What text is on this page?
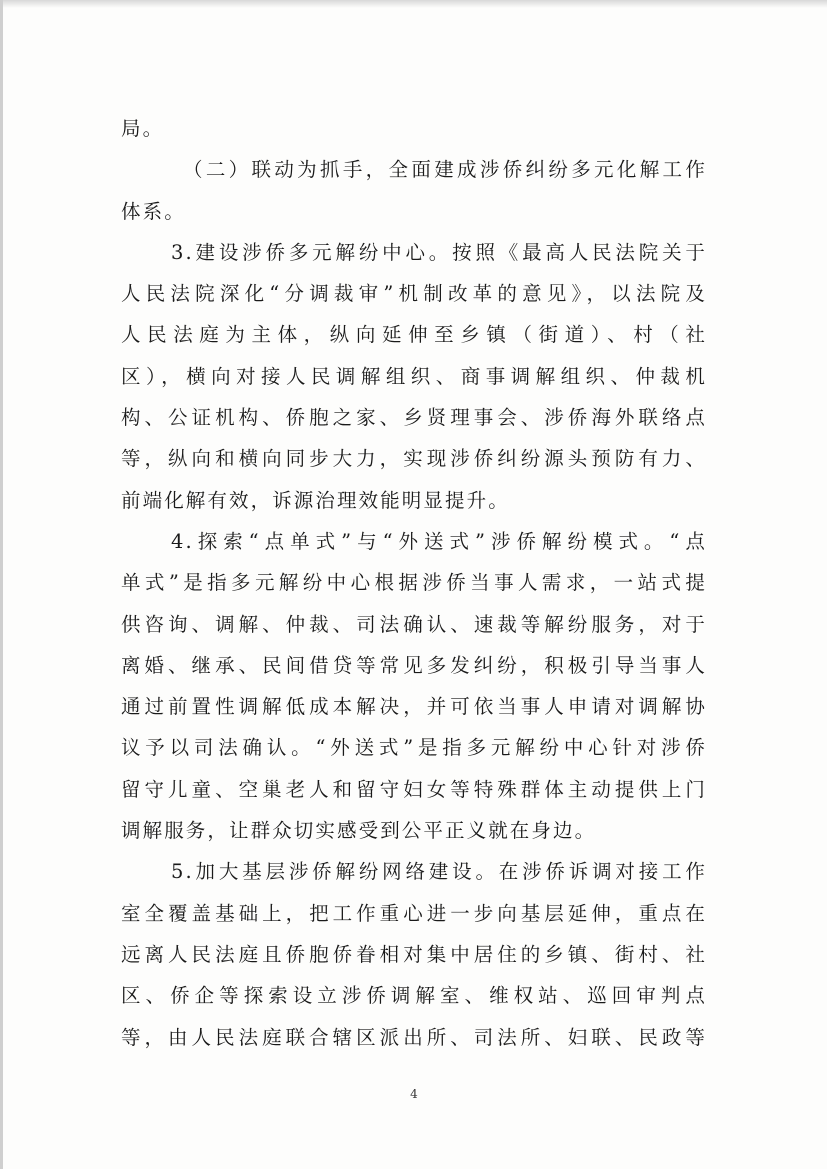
局。
（二）联动为抓手，全面建成涉侨纠纷多元化解工作
体系。
3.建设涉侨多元解纷中心。按照《最高人民法院关于
人民法院深化“分调裁审”机制改革的意见》，以法院及
人民法庭为主体，纵向延伸至乡镇（街道）、村（社
区），横向对接人民调解组织、商事调解组织、仲裁机
构、公证机构、侨胞之家、乡贤理事会、涉侨海外联络点
等，纵向和横向同步大力，实现涉侨纠纷源头预防有力、
前端化解有效，诉源治理效能明显提升。
4.探索“点单式”与“外送式”涉侨解纷模式。“点
单式”是指多元解纷中心根据涉侨当事人需求，一站式提
供咨询、调解、仲裁、司法确认、速裁等解纷服务，对于
离婚、继承、民间借贷等常见多发纠纷，积极引导当事人
通过前置性调解低成本解决，并可依当事人申请对调解协
议予以司法确认。“外送式”是指多元解纷中心针对涉侨
留守儿童、空巢老人和留守妇女等特殊群体主动提供上门
调解服务，让群众切实感受到公平正义就在身边。
5.加大基层涉侨解纷网络建设。在涉侨诉调对接工作
室全覆盖基础上，把工作重心进一步向基层延伸，重点在
远离人民法庭且侨胞侨眷相对集中居住的乡镇、街村、社
区、侨企等探索设立涉侨调解室、维权站、巡回审判点
等，由人民法庭联合辖区派出所、司法所、妇联、民政等
4
